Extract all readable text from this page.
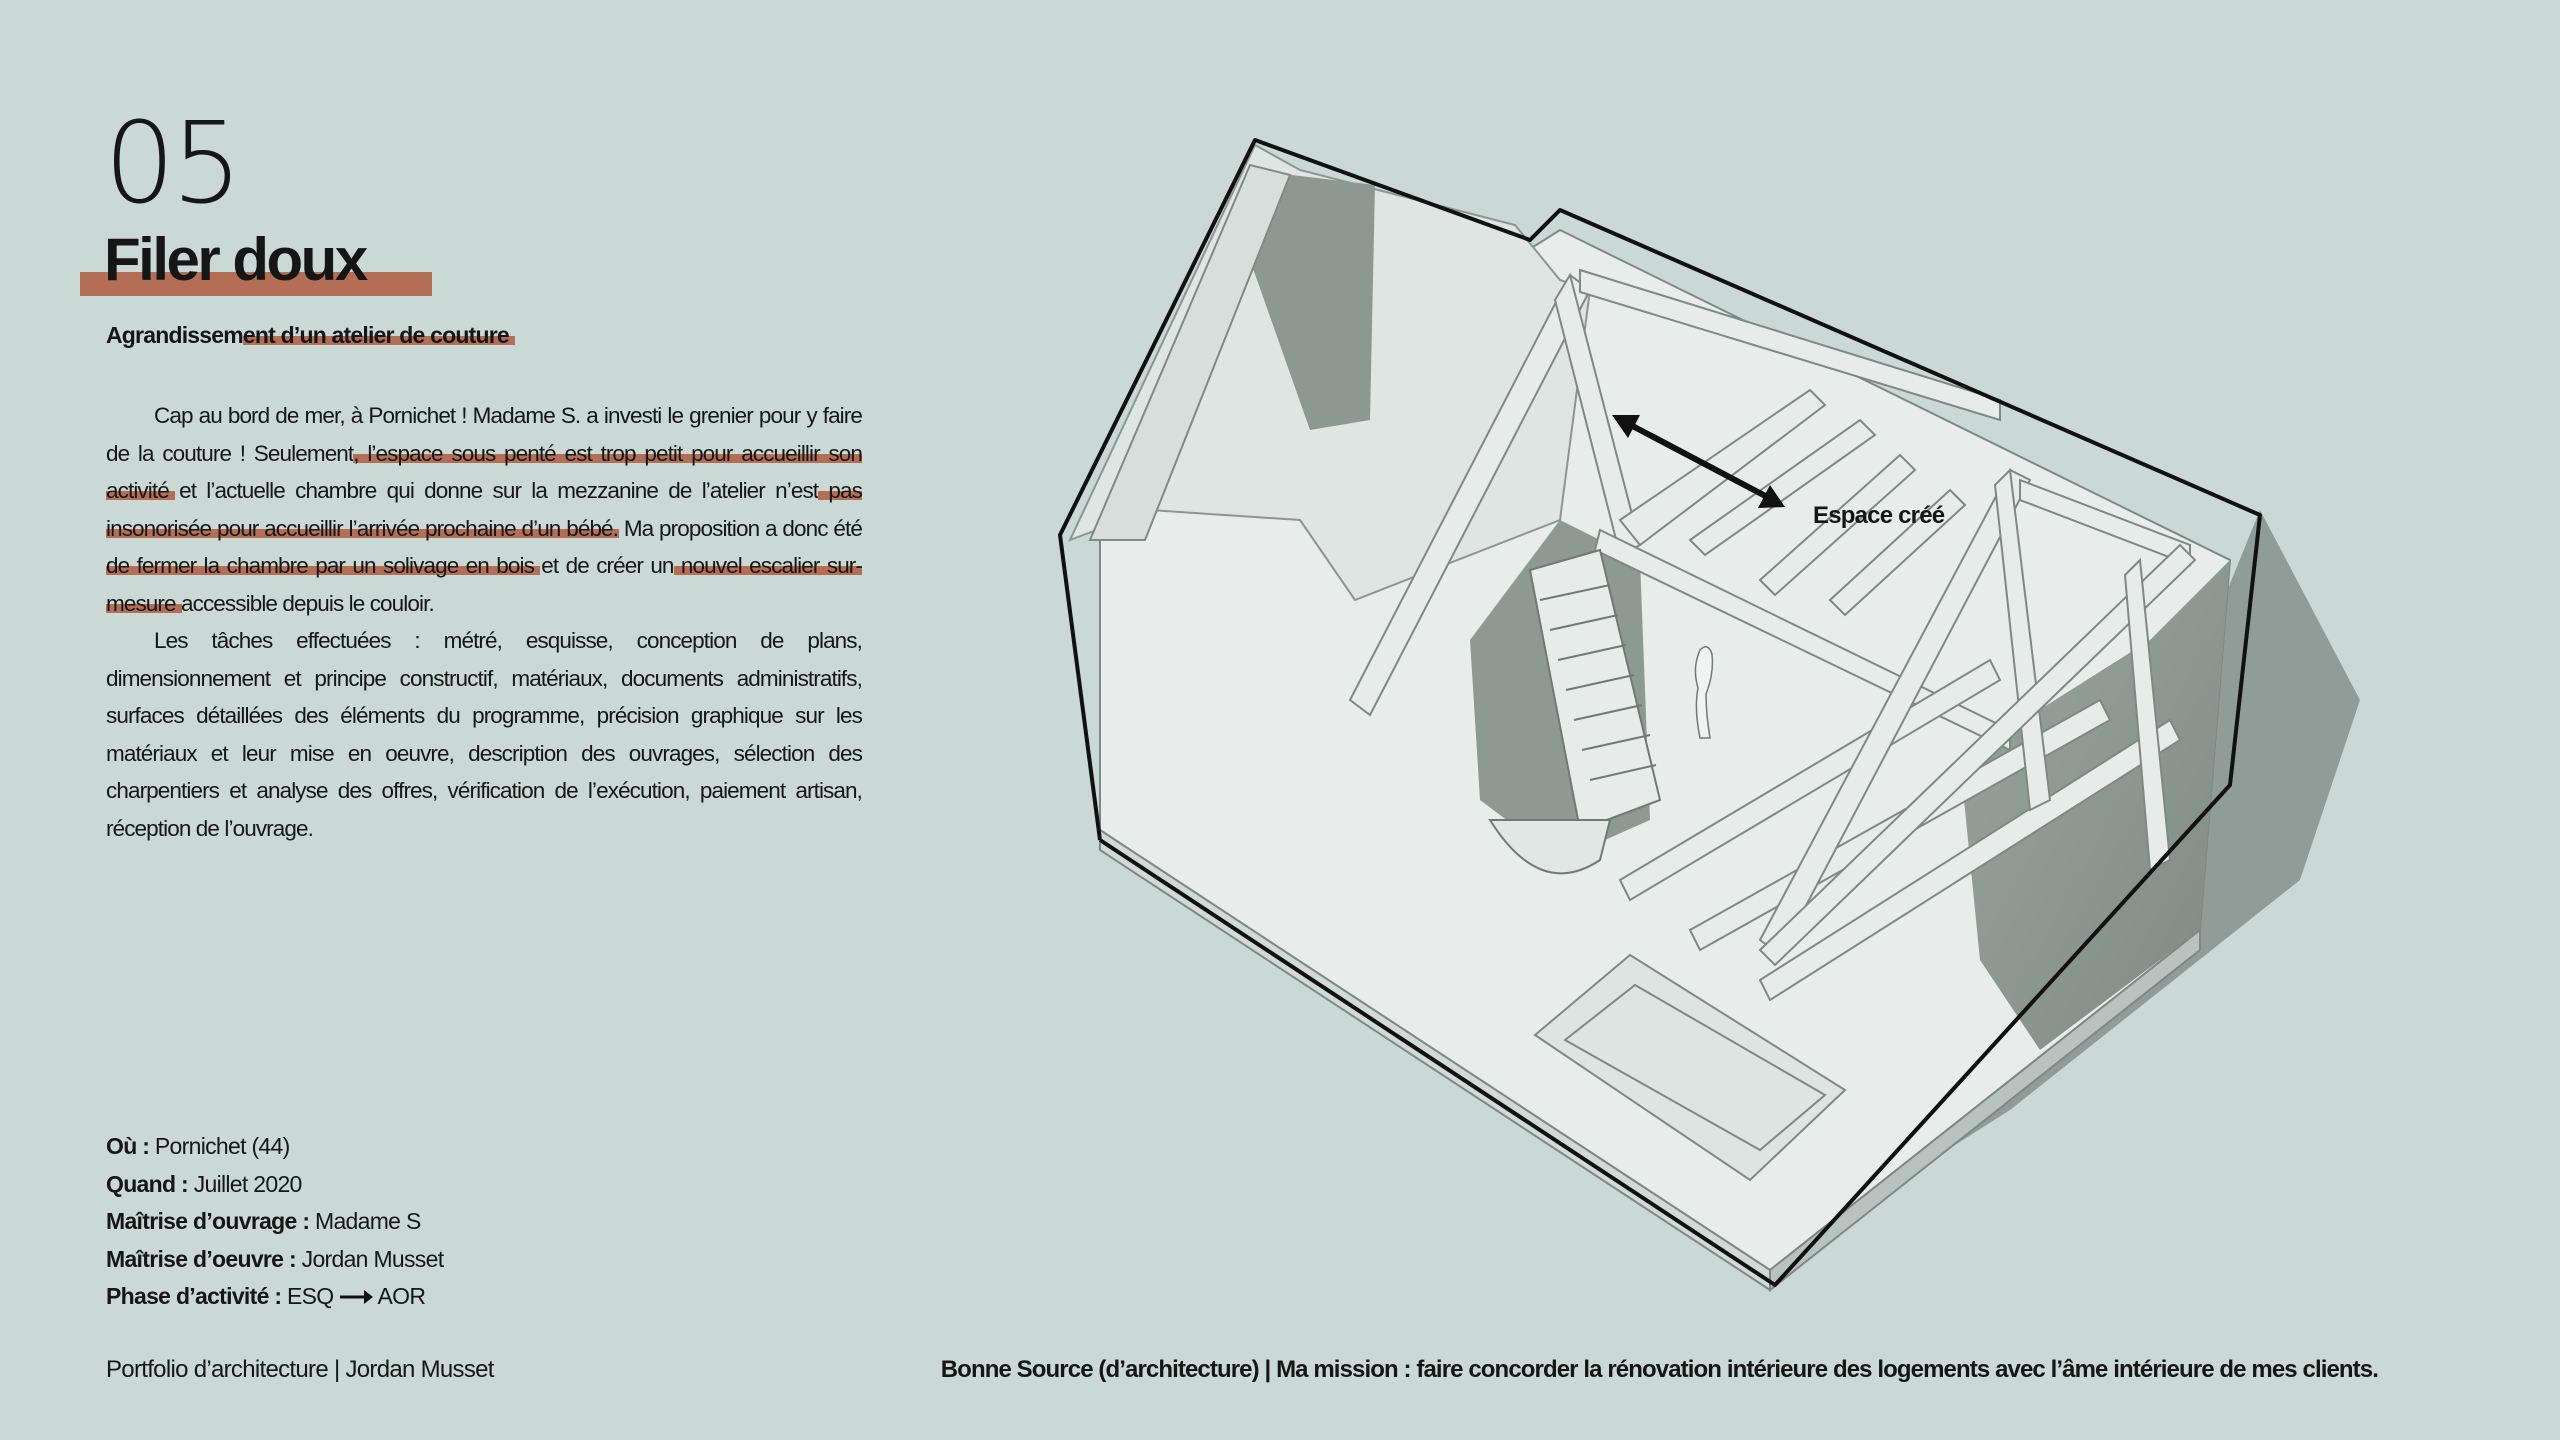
05
Filer doux
Agrandissement d’un atelier de couture

Cap au bord de mer, à Pornichet ! Madame S. a investi le grenier pour y faire de la couture ! Seulement, l’espace sous penté est trop petit pour accueillir son activité et l’actuelle chambre qui donne sur la mezzanine de l’atelier n’est pas insonorisée pour accueillir l’arrivée prochaine d’un bébé. Ma proposition a donc été de fermer la chambre par un solivage en bois et de créer un nouvel escalier sur-mesure accessible depuis le couloir.

Les tâches effectuées : métré, esquisse, conception de plans, dimensionnement et principe constructif, matériaux, documents administratifs, surfaces détaillées des éléments du programme, précision graphique sur les matériaux et leur mise en oeuvre, description des ouvrages, sélection des charpentiers et analyse des offres, vérification de l’exécution, paiement artisan, réception de l’ouvrage.

Espace créé
Où : Pornichet (44)
Quand : Juillet 2020
Maîtrise d’ouvrage : Madame S
Maîtrise d’oeuvre : Jordan Musset
Phase d’activité : ESQ AOR
Portfolio d’architecture | Jordan Musset	Bonne Source (d’architecture) | Ma mission : faire concorder la rénovation intérieure des logements avec l’âme intérieure de mes clients.
